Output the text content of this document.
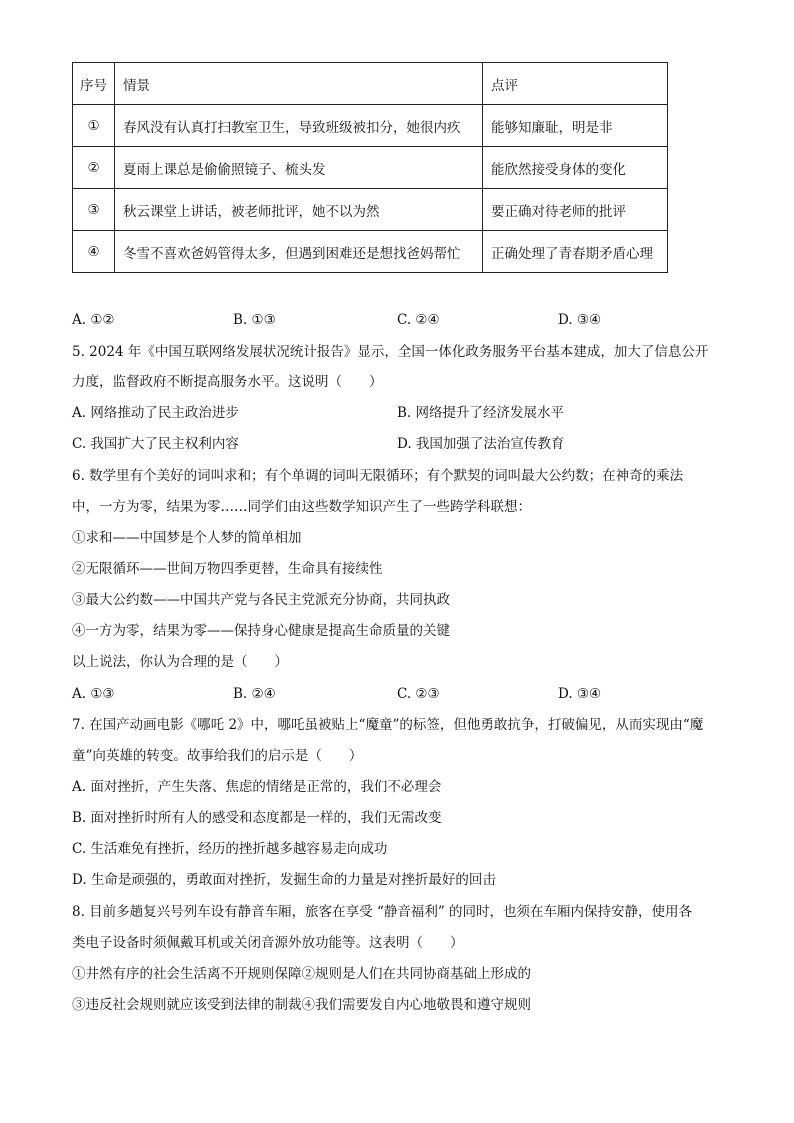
序号	情景	点评
①	春风没有认真打扫教室卫生，导致班级被扣分，她很内疚	能够知廉耻，明是非
②	夏雨上课总是偷偷照镜子、梳头发	能欣然接受身体的变化
③	秋云课堂上讲话，被老师批评，她不以为然	要正确对待老师的批评
④	冬雪不喜欢爸妈管得太多，但遇到困难还是想找爸妈帮忙	正确处理了青春期矛盾心理
A. ①②	B. ①③	C. ②④	D. ③④
5. 2024 年《中国互联网络发展状况统计报告》显示，全国一体化政务服务平台基本建成，加大了信息公开
力度，监督政府不断提高服务水平。这说明（　　）
A. 网络推动了民主政治进步	B. 网络提升了经济发展水平
C. 我国扩大了民主权利内容	D. 我国加强了法治宣传教育
6. 数学里有个美好的词叫求和；有个单调的词叫无限循环；有个默契的词叫最大公约数；在神奇的乘法
中，一方为零，结果为零……同学们由这些数学知识产生了一些跨学科联想：
①求和——中国梦是个人梦的简单相加
②无限循环——世间万物四季更替，生命具有接续性
③最大公约数——中国共产党与各民主党派充分协商，共同执政
④一方为零，结果为零——保持身心健康是提高生命质量的关键
以上说法，你认为合理的是（　　）
A. ①③	B. ②④	C. ②③	D. ③④
7. 在国产动画电影《哪吒 2》中，哪吒虽被贴上“魔童”的标签，但他勇敢抗争，打破偏见，从而实现由“魔
童”向英雄的转变。故事给我们的启示是（　　）
A. 面对挫折，产生失落、焦虑的情绪是正常的，我们不必理会
B. 面对挫折时所有人的感受和态度都是一样的，我们无需改变
C. 生活难免有挫折，经历的挫折越多越容易走向成功
D. 生命是顽强的，勇敢面对挫折，发掘生命的力量是对挫折最好的回击
8. 目前多趟复兴号列车设有静音车厢，旅客在享受 “静音福利” 的同时，也须在车厢内保持安静，使用各
类电子设备时须佩戴耳机或关闭音源外放功能等。这表明（　　）
①井然有序的社会生活离不开规则保障②规则是人们在共同协商基础上形成的
③违反社会规则就应该受到法律的制裁④我们需要发自内心地敬畏和遵守规则
